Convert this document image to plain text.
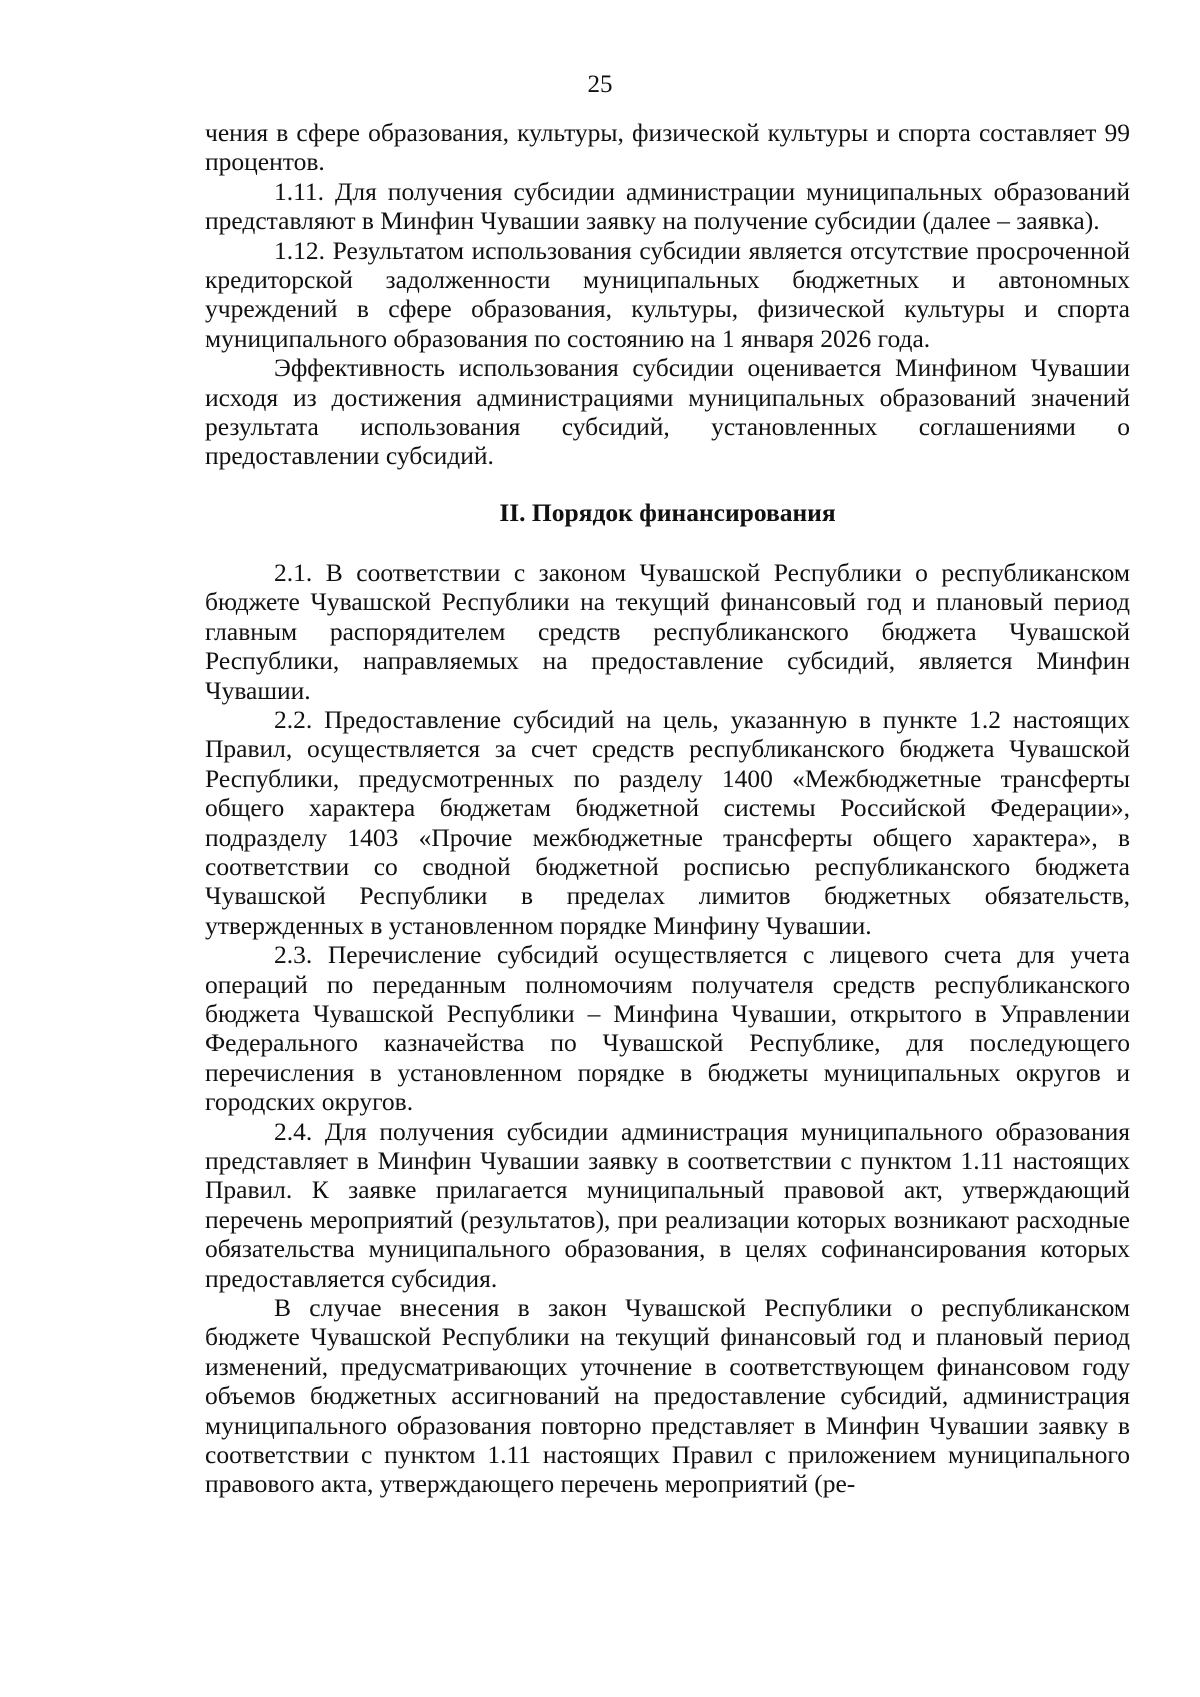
25

чения в сфере образования, культуры, физической культуры и спорта составляет 99 процентов.

1.11. Для получения субсидии администрации муниципальных образований представляют в Минфин Чувашии заявку на получение субсидии (далее – заявка).

1.12. Результатом использования субсидии является отсутствие просроченной кредиторской задолженности муниципальных бюджетных и автономных учреждений в сфере образования, культуры, физической культуры и спорта муниципального образования по состоянию на 1 января 2026 года.

Эффективность использования субсидии оценивается Минфином Чувашии исходя из достижения администрациями муниципальных образований значений результата использования субсидий, установленных соглашениями о предоставлении субсидий.

II. Порядок финансирования

2.1. В соответствии с законом Чувашской Республики о республиканском бюджете Чувашской Республики на текущий финансовый год и плановый период главным распорядителем средств республиканского бюджета Чувашской Республики, направляемых на предоставление субсидий, является Минфин Чувашии.

2.2. Предоставление субсидий на цель, указанную в пункте 1.2 настоящих Правил, осуществляется за счет средств республиканского бюджета Чувашской Республики, предусмотренных по разделу 1400 «Межбюджетные трансферты общего характера бюджетам бюджетной системы Российской Федерации», подразделу 1403 «Прочие межбюджетные трансферты общего характера», в соответствии со сводной бюджетной росписью республиканского бюджета Чувашской Республики в пределах лимитов бюджетных обязательств, утвержденных в установленном порядке Минфину Чувашии.

2.3. Перечисление субсидий осуществляется с лицевого счета для учета операций по переданным полномочиям получателя средств республиканского бюджета Чувашской Республики – Минфина Чувашии, открытого в Управлении Федерального казначейства по Чувашской Республике, для последующего перечисления в установленном порядке в бюджеты муниципальных округов и городских округов.

2.4. Для получения субсидии администрация муниципального образования представляет в Минфин Чувашии заявку в соответствии с пунктом 1.11 настоящих Правил. К заявке прилагается муниципальный правовой акт, утверждающий перечень мероприятий (результатов), при реализации которых возникают расходные обязательства муниципального образования, в целях софинансирования которых предоставляется субсидия.

В случае внесения в закон Чувашской Республики о республиканском бюджете Чувашской Республики на текущий финансовый год и плановый период изменений, предусматривающих уточнение в соответствующем финансовом году объемов бюджетных ассигнований на предоставление субсидий, администрация муниципального образования повторно представляет в Минфин Чувашии заявку в соответствии с пунктом 1.11 настоящих Правил с приложением муниципального правового акта, утверждающего перечень мероприятий (ре-
